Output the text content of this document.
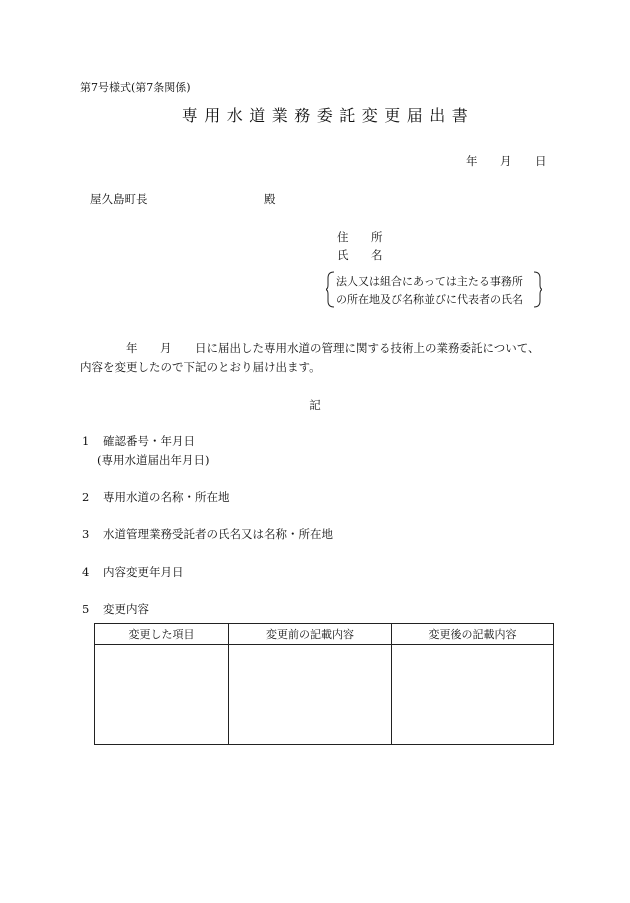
第7号様式(第7条関係)
専用水道業務委託変更届出書
年 月 日
屋久島町長	殿
住 所
氏 名
法人又は組合にあっては主たる事務所
の所在地及び名称並びに代表者の氏名
年 月 日に届出した専用水道の管理に関する技術上の業務委託について、
内容を変更したので下記のとおり届け出ます。
記
1 確認番号・年月日
(専用水道届出年月日)
2 専用水道の名称・所在地
3 水道管理業務受託者の氏名又は名称・所在地
4 内容変更年月日
5 変更内容
変更した項目	変更前の記載内容	変更後の記載内容
